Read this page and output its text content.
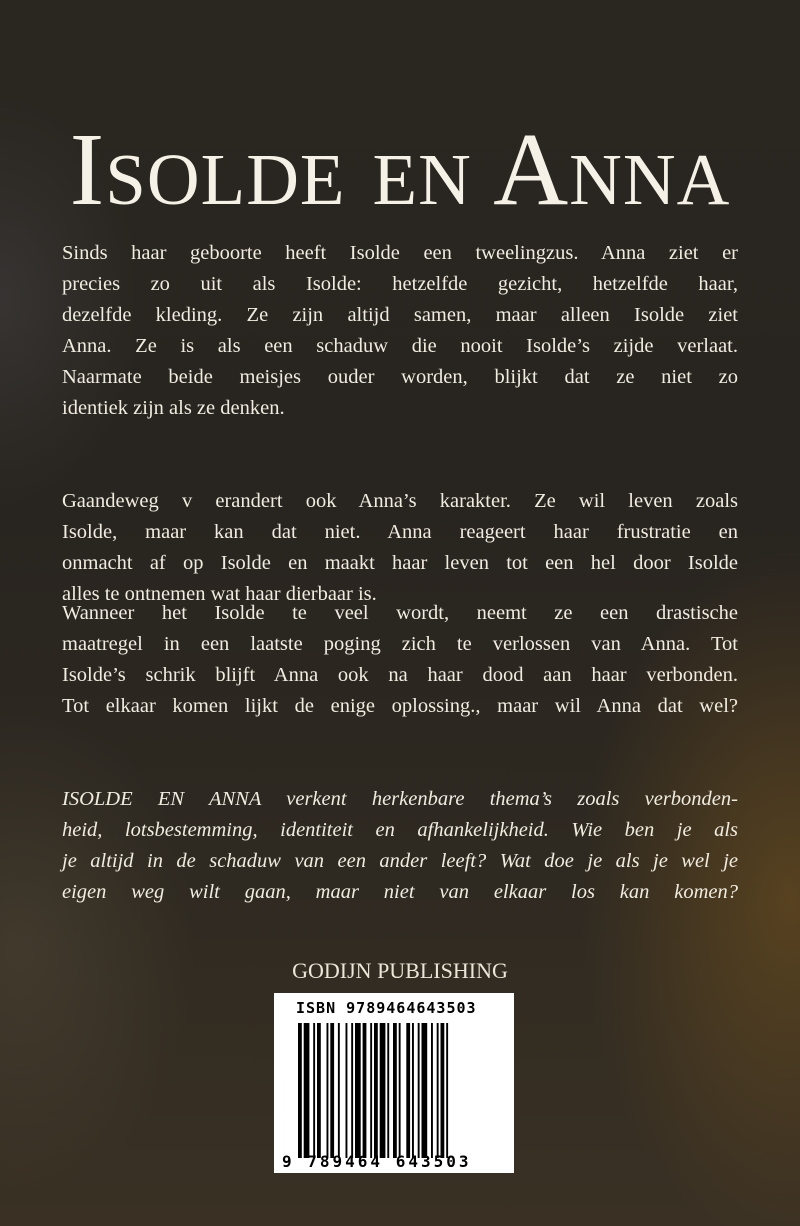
Isolde en Anna
Sinds haar geboorte heeft Isolde een tweelingzus. Anna ziet er
precies zo uit als Isolde: hetzelfde gezicht, hetzelfde haar,
dezelfde kleding. Ze zijn altijd samen, maar alleen Isolde ziet
Anna. Ze is als een schaduw die nooit Isolde’s zijde verlaat.
Naarmate beide meisjes ouder worden, blijkt dat ze niet zo
identiek zijn als ze denken.
Gaandeweg v erandert ook Anna’s karakter. Ze wil leven zoals
Isolde, maar kan dat niet. Anna reageert haar frustratie en
onmacht af op Isolde en maakt haar leven tot een hel door Isolde
alles te ontnemen wat haar dierbaar is.
Wanneer het Isolde te veel wordt, neemt ze een drastische
maatregel in een laatste poging zich te verlossen van Anna. Tot
Isolde’s schrik blijft Anna ook na haar dood aan haar verbonden.
Tot elkaar komen lijkt de enige oplossing., maar wil Anna dat wel?
ISOLDE EN ANNA verkent herkenbare thema’s zoals verbonden-
heid, lotsbestemming, identiteit en afhankelijkheid. Wie ben je als
je altijd in de schaduw van een ander leeft? Wat doe je als je wel je
eigen weg wilt gaan, maar niet van elkaar los kan komen?
GODIJN PUBLISHING
ISBN 9789464643503
9 789464 643503
